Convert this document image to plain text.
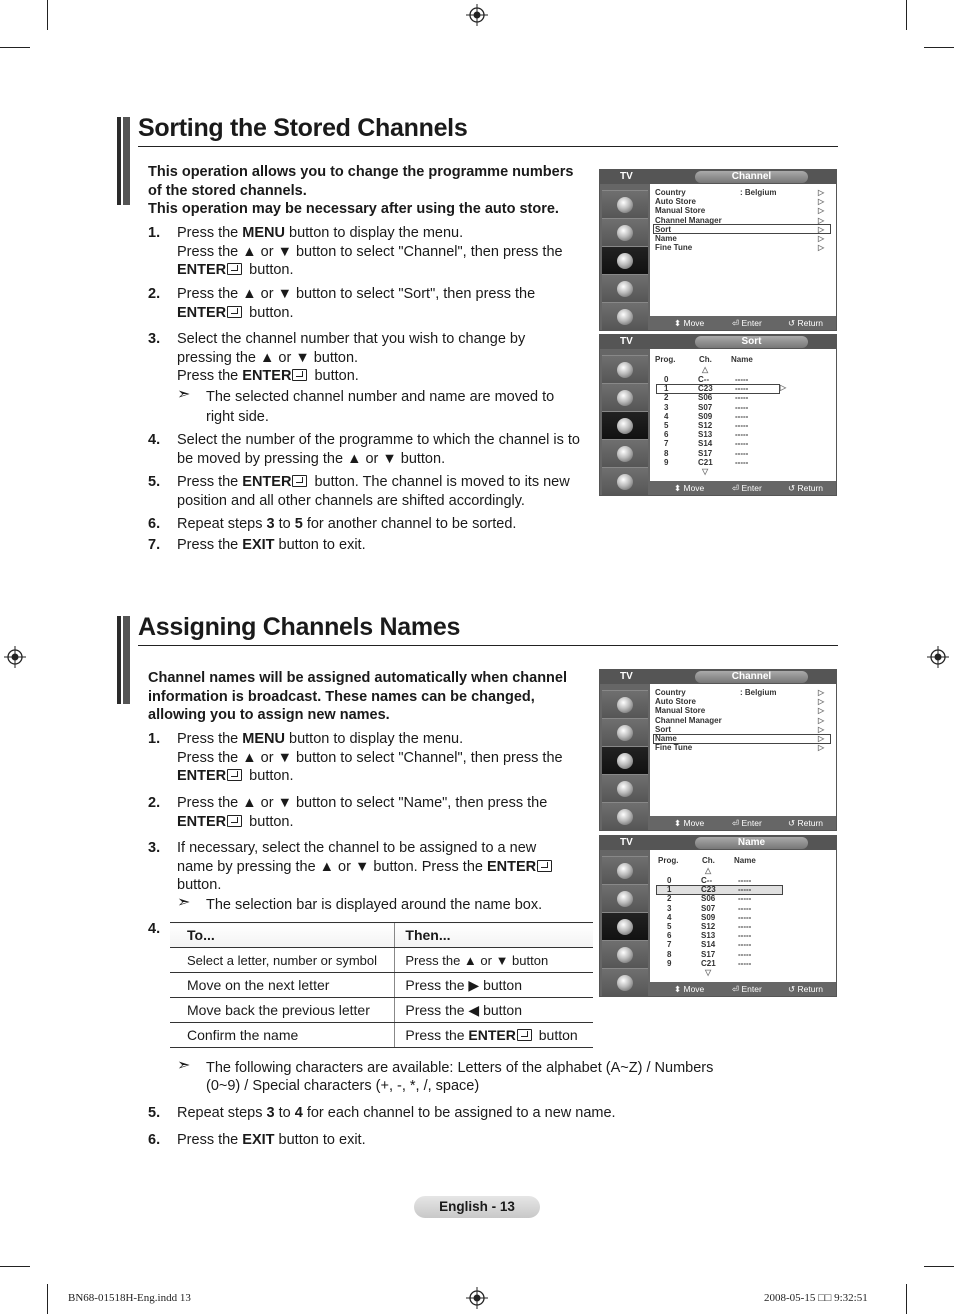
Sorting the Stored Channels
This operation allows you to change the programme numbers
of the stored channels.
This operation may be necessary after using the auto store.
1. Press the MENU button to display the menu.
Press the ▲ or ▼ button to select "Channel", then press the
ENTER button.
2. Press the ▲ or ▼ button to select "Sort", then press the
ENTER button.
3. Select the channel number that you wish to change by
pressing the ▲ or ▼ button.
Press the ENTER button.
4. Select the number of the programme to which the channel is to
be moved by pressing the ▲ or ▼ button.
5. Press the ENTER button. The channel is moved to its new
position and all other channels are shifted accordingly.
6. Repeat steps 3 to 5 for another channel to be sorted.
7. Press the EXIT button to exit.
➣ The selected channel number and name are moved to
right side.
Assigning Channels Names
Channel names will be assigned automatically when channel
information is broadcast. These names can be changed,
allowing you to assign new names.
1. Press the MENU button to display the menu.
Press the ▲ or ▼ button to select "Channel", then press the
ENTER button.
2. Press the ▲ or ▼ button to select "Name", then press the
ENTER button.
3. If necessary, select the channel to be assigned to a new
name by pressing the ▲ or ▼ button. Press the ENTER
button.
4.
5. Repeat steps 3 to 4 for each channel to be assigned to a new name.
6. Press the EXIT button to exit.
➣ The selection bar is displayed around the name box.
To...	Then...
Select a letter, number or symbol	Press the ▲ or ▼ button
Move on the next letter	Press the ▶ button
Move back the previous letter	Press the ◀ button
Confirm the name	Press the ENTER button
➣ The following characters are available: Letters of the alphabet (A~Z) / Numbers
(0~9) / Special characters (+, -, *, /, space)
TV	Channel
Country	: Belgium	▷
Auto Store	▷
Manual Store	▷
Channel Manager	▷
Sort	▷
Name	▷
Fine Tune	▷
⬍ Move	⏎ Enter	↺ Return
TV	Sort
Prog.	Ch. Name
△
0	C--	-----
1	C23	-----
2	S06	-----
3	S07	-----
4	S09	-----
5	S12	-----
6	S13	-----
7	S14	-----
8	S17	-----
9	C21	-----
▽
▷
⬍ Move	⏎ Enter	↺ Return
TV	Channel
Country	: Belgium	▷
Auto Store	▷
Manual Store	▷
Channel Manager	▷
Sort	▷
Name	▷
Fine Tune	▷
⬍ Move	⏎ Enter	↺ Return
TV	Name
Prog.	Ch. Name
△
0	C--	-----
1	C23	-----
2	S06	-----
3	S07	-----
4	S09	-----
5	S12	-----
6	S13	-----
7	S14	-----
8	S17	-----
9	C21	-----
▽
⬍ Move	⏎ Enter	↺ Return
English - 13
BN68-01518H-Eng.indd 13	2008-05-15 □□ 9:32:51
